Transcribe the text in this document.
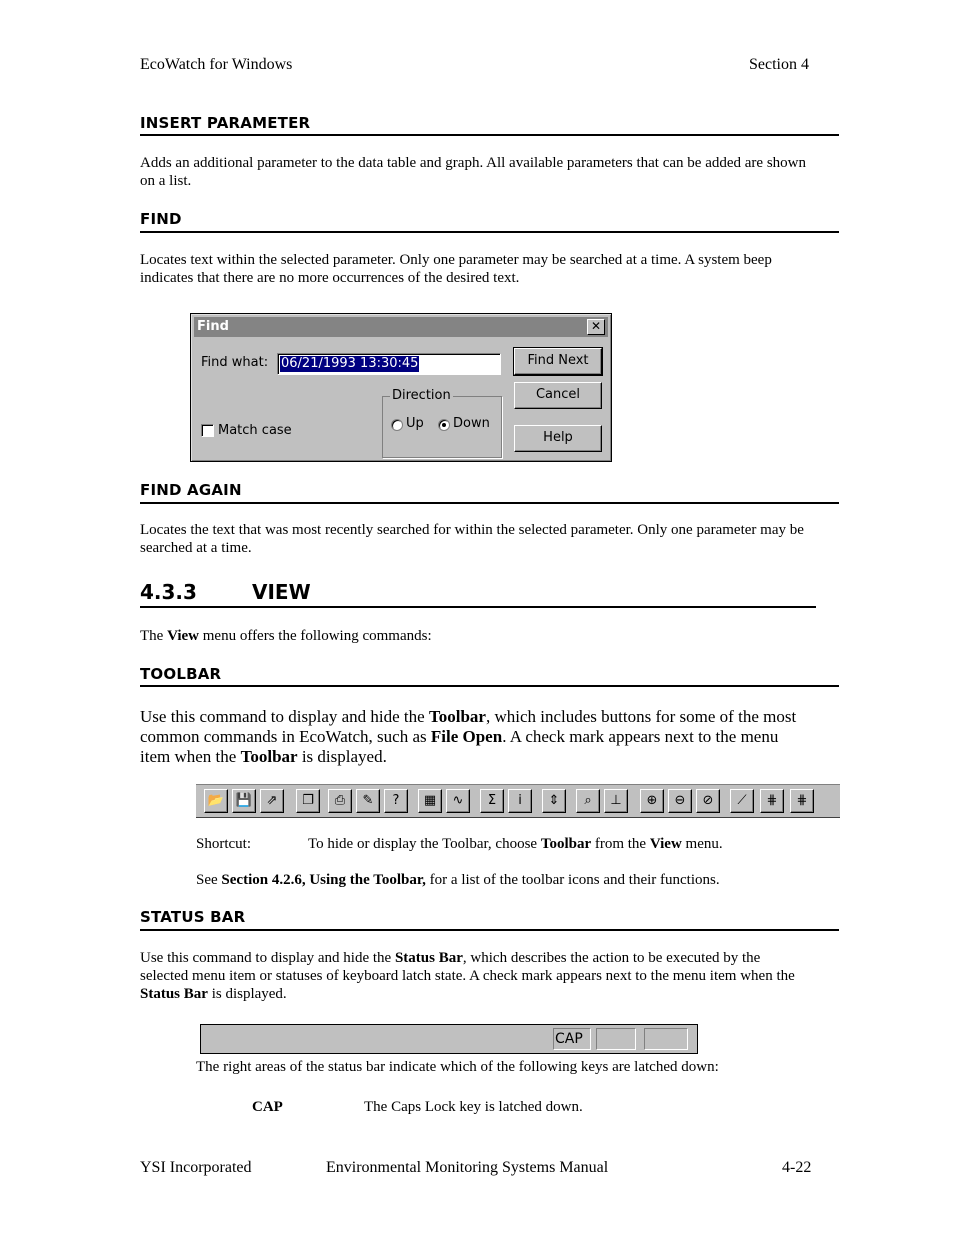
EcoWatch for Windows	Section 4
INSERT PARAMETER
Adds an additional parameter to the data table and graph. All available parameters that can be added are shown on a list.
FIND
Locates text within the selected parameter. Only one parameter may be searched at a time. A system beep indicates that there are no more occurrences of the desired text.
Find	✕
Find what: 06/21/1993 13:30:45	Find Next
Cancel
Help
Direction
Up Down
Match case
FIND AGAIN
Locates the text that was most recently searched for within the selected parameter. Only one parameter may be searched at a time.
4.3.3	VIEW
The View menu offers the following commands:
TOOLBAR
Use this command to display and hide the Toolbar, which includes buttons for some of the most common commands in EcoWatch, such as File Open. A check mark appears next to the menu item when the Toolbar is displayed.
📂 💾	⇗	❐	⎙	✎	?	▦	∿	Σ	i	⇕	⌕	⊥	⊕	⊖	⊘	⟋	⋕	⋕
Shortcut:	To hide or display the Toolbar, choose Toolbar from the View menu.
See Section 4.2.6, Using the Toolbar, for a list of the toolbar icons and their functions.
STATUS BAR
Use this command to display and hide the Status Bar, which describes the action to be executed by the selected menu item or statuses of keyboard latch state. A check mark appears next to the menu item when the Status Bar is displayed.
CAP
The right areas of the status bar indicate which of the following keys are latched down:
CAP	The Caps Lock key is latched down.
YSI Incorporated	Environmental Monitoring Systems Manual	4-22
